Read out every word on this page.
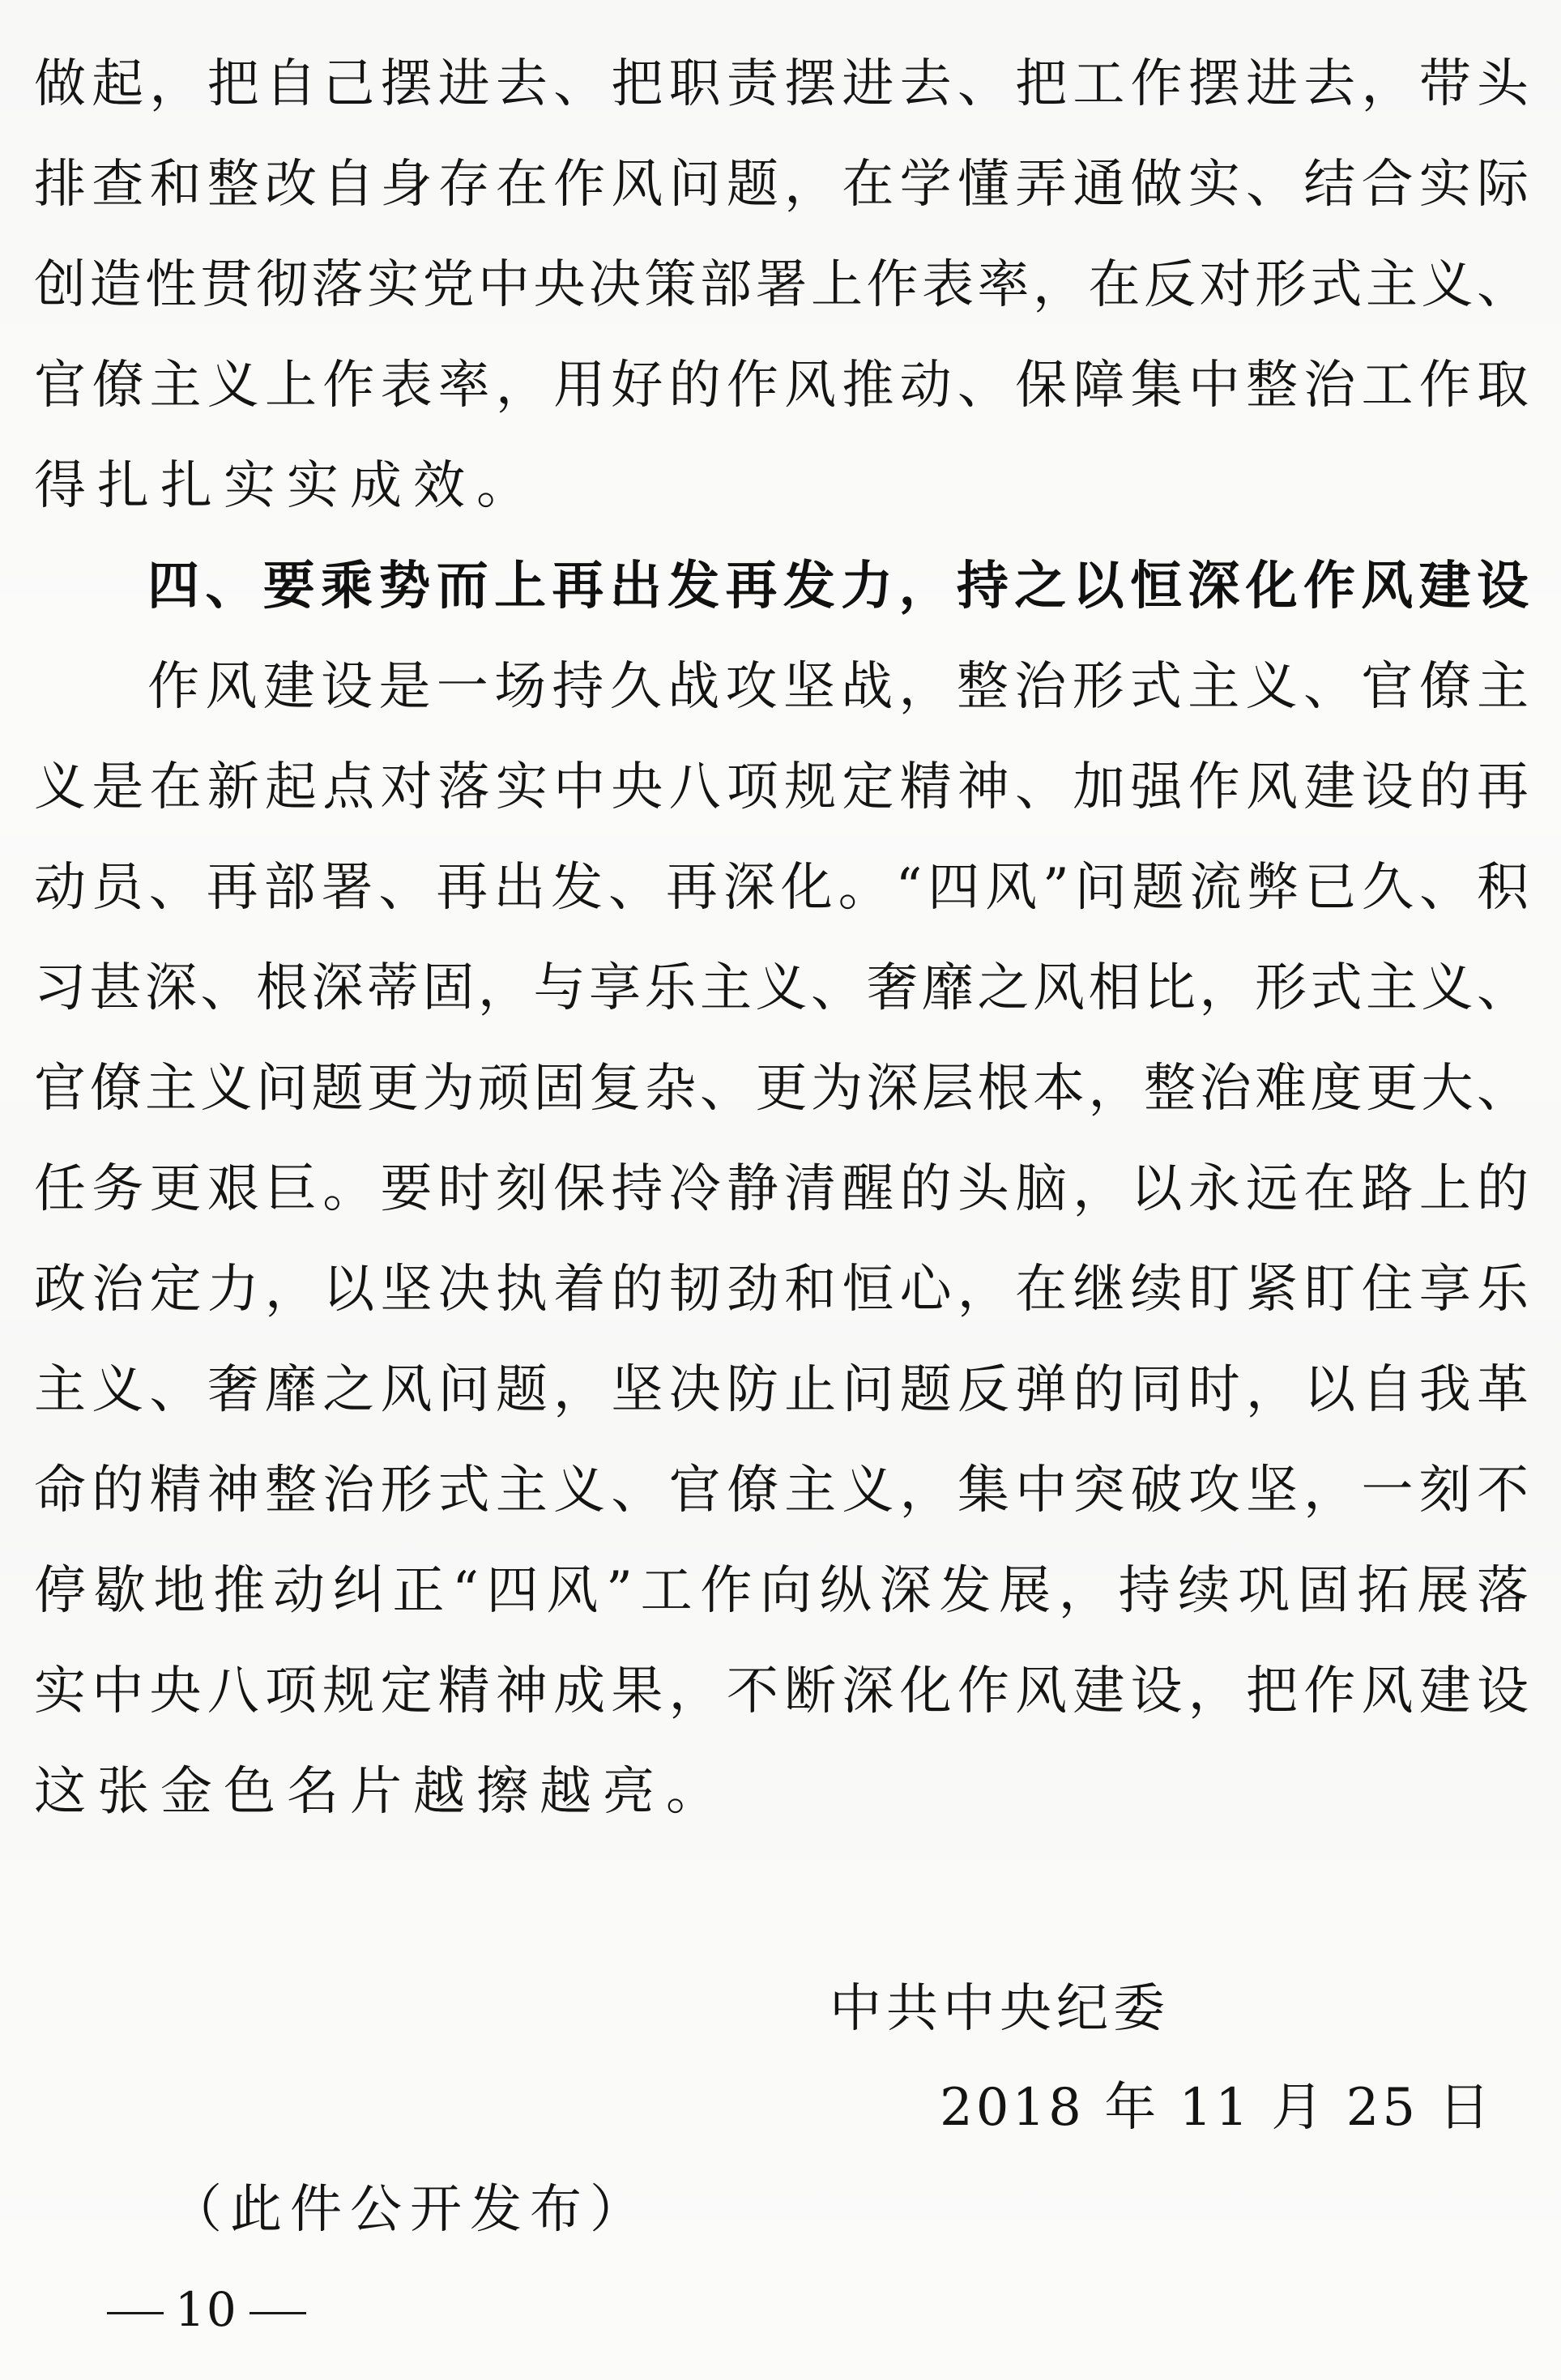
做起，把自己摆进去、把职责摆进去、把工作摆进去，带头

排查和整改自身存在作风问题，在学懂弄通做实、结合实际

创造性贯彻落实党中央决策部署上作表率，在反对形式主义、

官僚主义上作表率，用好的作风推动、保障集中整治工作取

得扎扎实实成效。

四、要乘势而上再出发再发力，持之以恒深化作风建设

作风建设是一场持久战攻坚战，整治形式主义、官僚主

义是在新起点对落实中央八项规定精神、加强作风建设的再

动员、再部署、再出发、再深化。“四风”问题流弊已久、积

习甚深、根深蒂固，与享乐主义、奢靡之风相比，形式主义、

官僚主义问题更为顽固复杂、更为深层根本，整治难度更大、

任务更艰巨。要时刻保持冷静清醒的头脑，以永远在路上的

政治定力，以坚决执着的韧劲和恒心，在继续盯紧盯住享乐

主义、奢靡之风问题，坚决防止问题反弹的同时，以自我革

命的精神整治形式主义、官僚主义，集中突破攻坚，一刻不

停歇地推动纠正“四风”工作向纵深发展，持续巩固拓展落

实中央八项规定精神成果，不断深化作风建设，把作风建设

这张金色名片越擦越亮。

中共中央纪委
2018 年 11 月 25 日
（此件公开发布）
10
